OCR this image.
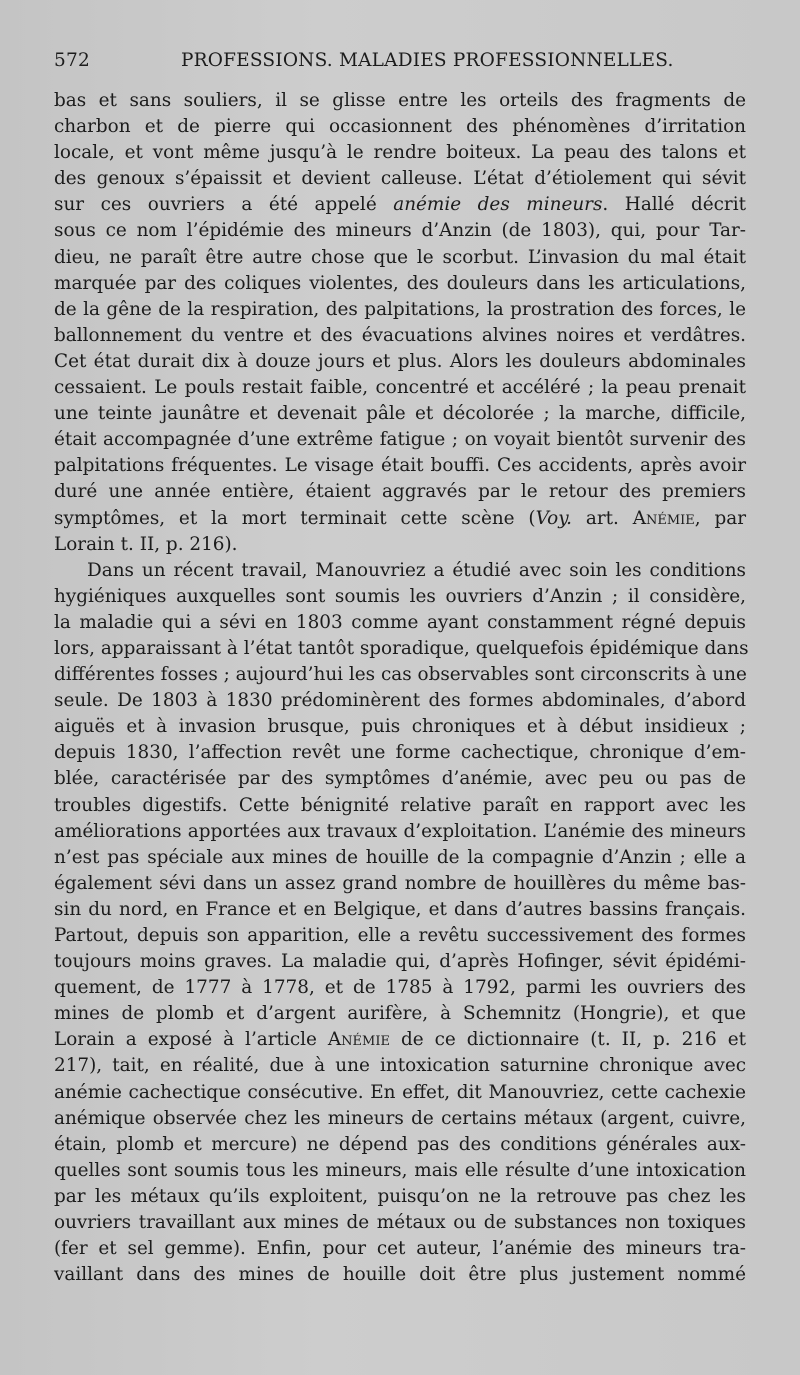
572	PROFESSIONS. MALADIES PROFESSIONNELLES.
bas et sans souliers, il se glisse entre les orteils des fragments de
charbon et de pierre qui occasionnent des phénomènes d’irritation
locale, et vont même jusqu’à le rendre boiteux. La peau des talons et
des genoux s’épaissit et devient calleuse. L’état d’étiolement qui sévit
sur ces ouvriers a été appelé anémie des mineurs. Hallé décrit
sous ce nom l’épidémie des mineurs d’Anzin (de 1803), qui, pour Tar-
dieu, ne paraît être autre chose que le scorbut. L’invasion du mal était
marquée par des coliques violentes, des douleurs dans les articulations,
de la gêne de la respiration, des palpitations, la prostration des forces, le
ballonnement du ventre et des évacuations alvines noires et verdâtres.
Cet état durait dix à douze jours et plus. Alors les douleurs abdominales
cessaient. Le pouls restait faible, concentré et accéléré ; la peau prenait
une teinte jaunâtre et devenait pâle et décolorée ; la marche, difficile,
était accompagnée d’une extrême fatigue ; on voyait bientôt survenir des
palpitations fréquentes. Le visage était bouffi. Ces accidents, après avoir
duré une année entière, étaient aggravés par le retour des premiers
symptômes, et la mort terminait cette scène (Voy. art. Anémie, par
Lorain t. II, p. 216).
Dans un récent travail, Manouvriez a étudié avec soin les conditions
hygiéniques auxquelles sont soumis les ouvriers d’Anzin ; il considère,
la maladie qui a sévi en 1803 comme ayant constamment régné depuis
lors, apparaissant à l’état tantôt sporadique, quelquefois épidémique dans
différentes fosses ; aujourd’hui les cas observables sont circonscrits à une
seule. De 1803 à 1830 prédominèrent des formes abdominales, d’abord
aiguës et à invasion brusque, puis chroniques et à début insidieux ;
depuis 1830, l’affection revêt une forme cachectique, chronique d’em-
blée, caractérisée par des symptômes d’anémie, avec peu ou pas de
troubles digestifs. Cette bénignité relative paraît en rapport avec les
améliorations apportées aux travaux d’exploitation. L’anémie des mineurs
n’est pas spéciale aux mines de houille de la compagnie d’Anzin ; elle a
également sévi dans un assez grand nombre de houillères du même bas-
sin du nord, en France et en Belgique, et dans d’autres bassins français.
Partout, depuis son apparition, elle a revêtu successivement des formes
toujours moins graves. La maladie qui, d’après Hofinger, sévit épidémi-
quement, de 1777 à 1778, et de 1785 à 1792, parmi les ouvriers des
mines de plomb et d’argent aurifère, à Schemnitz (Hongrie), et que
Lorain a exposé à l’article Anémie de ce dictionnaire (t. II, p. 216 et
217), tait, en réalité, due à une intoxication saturnine chronique avec
anémie cachectique consécutive. En effet, dit Manouvriez, cette cachexie
anémique observée chez les mineurs de certains métaux (argent, cuivre,
étain, plomb et mercure) ne dépend pas des conditions générales aux-
quelles sont soumis tous les mineurs, mais elle résulte d’une intoxication
par les métaux qu’ils exploitent, puisqu’on ne la retrouve pas chez les
ouvriers travaillant aux mines de métaux ou de substances non toxiques
(fer et sel gemme). Enfin, pour cet auteur, l’anémie des mineurs tra-
vaillant dans des mines de houille doit être plus justement nommé
